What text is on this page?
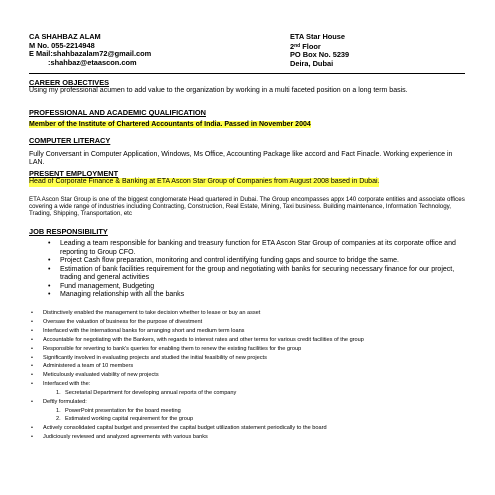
CA SHAHBAZ ALAM
M No. 055-2214948
E Mail:shahbazalam72@gmail.com
:shahbaz@etaascon.com
ETA Star House
2nd Floor
PO Box No. 5239
Deira, Dubai
CAREER OBJECTIVES
Using my professional acumen to add value to the organization by working in a multi faceted position on a long term basis.
PROFESSIONAL AND ACADEMIC QUALIFICATION
Member of the Institute of Chartered Accountants of India. Passed in November 2004
COMPUTER LITERACY
Fully Conversant in Computer Application, Windows, Ms Office, Accounting Package like accord and Fact Finacle. Working experience in LAN.
PRESENT EMPLOYMENT
Head of Corporate Finance & Banking at ETA Ascon Star Group of Companies from August 2008 based in Dubai.
ETA Ascon Star Group is one of the biggest conglomerate Head quartered in Dubai. The Group encompasses appx 140 corporate entities and associate offices covering a wide range of industries including Contracting, Construction, Real Estate, Mining, Taxi business. Building maintenance, Information Technology, Trading, Shipping, Transportation, etc
JOB RESPONSIBILITY
• Leading a team responsible for banking and treasury function for ETA Ascon Star Group of companies at its corporate office and reporting to Group CFO.
• Project Cash flow preparation, monitoring and control identifying funding gaps and source to bridge the same.
• Estimation of bank facilities requirement for the group and negotiating with banks for securing necessary finance for our project, trading and general activities
• Fund management, Budgeting
• Managing relationship with all the banks
• Distinctively enabled the management to take decision whether to lease or buy an asset
• Oversaw the valuation of business for the purpose of divestment
• Interfaced with the international banks for arranging short and medium term loans
• Accountable for negotiating with the Bankers, with regards to interest rates and other terms for various credit facilities of the group
• Responsible for reverting to bank's queries for enabling them to renew the existing facilities for the group
• Significantly involved in evaluating projects and studied the initial feasibility of new projects
• Administered a team of 10 members
• Meticulously evaluated viability of new projects
• Interfaced with the:
1. Secretarial Department for developing annual reports of the company
• Deftly formulated:
1. PowerPoint presentation for the board meeting
2. Estimated working capital requirement for the group
• Actively consolidated capital budget and presented the capital budget utilization statement periodically to the board
• Judiciously reviewed and analyzed agreements with various banks
